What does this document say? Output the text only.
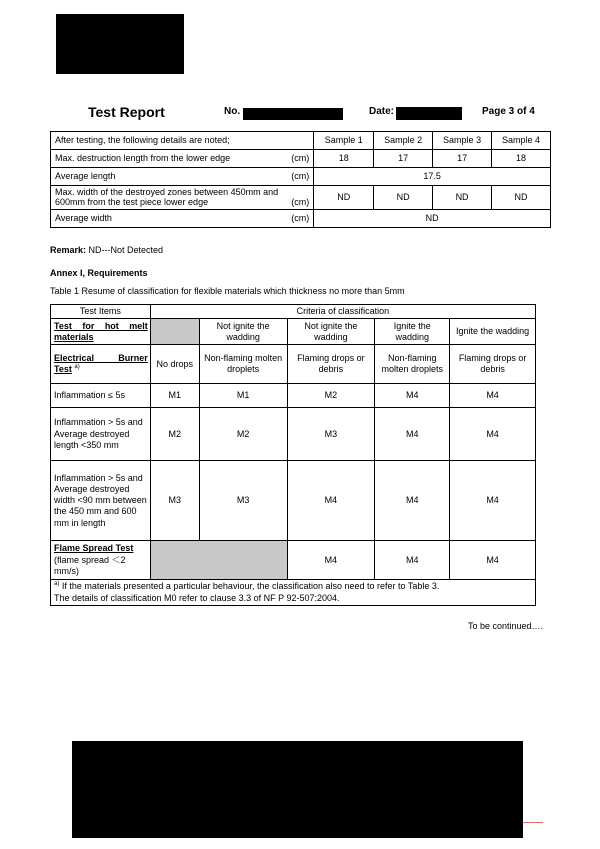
Test Report	No.	Date:	Page 3 of 4
After testing, the following details are noted;	Sample 1	Sample 2	Sample 3	Sample 4
Max. destruction length from the lower edge (cm)	18	17	17	18
Average length (cm)	17.5			

Max. width of the destroyed zones between 450mm and
600mm from the test piece lower edge (cm)	ND	ND	ND	ND
Average width (cm)	ND			
Remark: ND---Not Detected
Annex I, Requirements
Table 1 Resume of classification for flexible materials which thickness no more than 5mm
Test Items	Criteria of classification				

Test for hot melt
materials		Not ignite the wadding	Not ignite the wadding	Ignite the wadding	Ignite the wadding

Electrical Burner
Test $^{a)}$	No drops	Non-flaming molten droplets	Flaming drops or debris	Non-flaming molten droplets	Flaming drops or debris
Inflammation ≤ 5s	M1	M1	M2	M4	M4
Inflammation > 5s and Average destroyed length <350 mm	M2	M2	M3	M4	M4
Inflammation > 5s and Average destroyed width <90 mm between the 450 mm and 600 mm in length	M3	M3	M4	M4	M4

Flame Spread Test
(flame spread ＜2 mm/s)			M4	M4	M4

$^{a)}$ If the materials presented a particular behaviour, the classification also need to refer to Table 3.
The details of classification M0 refer to clause 3.3 of NF P 92-507:2004.					
To be continued….
